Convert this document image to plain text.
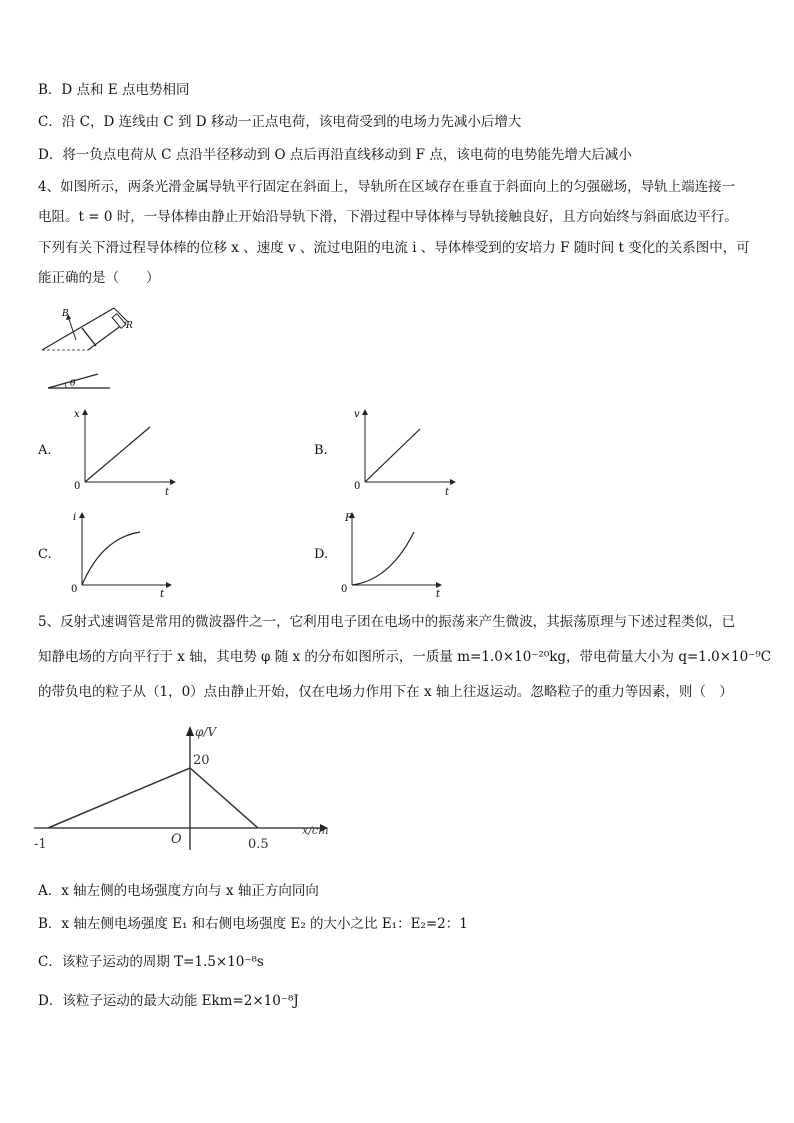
B．D 点和 E 点电势相同
C．沿 C，D 连线由 C 到 D 移动一正点电荷，该电荷受到的电场力先减小后增大
D．将一负点电荷从 C 点沿半径移动到 O 点后再沿直线移动到 F 点，该电荷的电势能先增大后减小
4、如图所示，两条光滑金属导轨平行固定在斜面上，导轨所在区域存在垂直于斜面向上的匀强磁场，导轨上端连接一
电阻。t = 0 时，一导体棒由静止开始沿导轨下滑，下滑过程中导体棒与导轨接触良好，且方向始终与斜面底边平行。
下列有关下滑过程导体棒的位移 x 、速度 v 、流过电阻的电流 i 、导体棒受到的安培力 F 随时间 t 变化的关系图中，可
能正确的是（　　）
θ
R
B
A.
x
t
0
B.
v
t
0
C.
i
t
0
D.
F
t
0
5、反射式速调管是常用的微波器件之一，它利用电子团在电场中的振荡来产生微波，其振荡原理与下述过程类似，已
知静电场的方向平行于 x 轴，其电势 φ 随 x 的分布如图所示，一质量 m=1.0×10⁻²⁰kg，带电荷量大小为 q=1.0×10⁻⁹C
的带负电的粒子从（1，0）点由静止开始，仅在电场力作用下在 x 轴上往返运动。忽略粒子的重力等因素，则（　）
φ/V
x/cm
20
O
-1	0.5
A．x 轴左侧的电场强度方向与 x 轴正方向同向
B．x 轴左侧电场强度 E₁ 和右侧电场强度 E₂ 的大小之比 E₁：E₂=2：1
C．该粒子运动的周期 T=1.5×10⁻⁸s
D．该粒子运动的最大动能 Ekm=2×10⁻⁸J
